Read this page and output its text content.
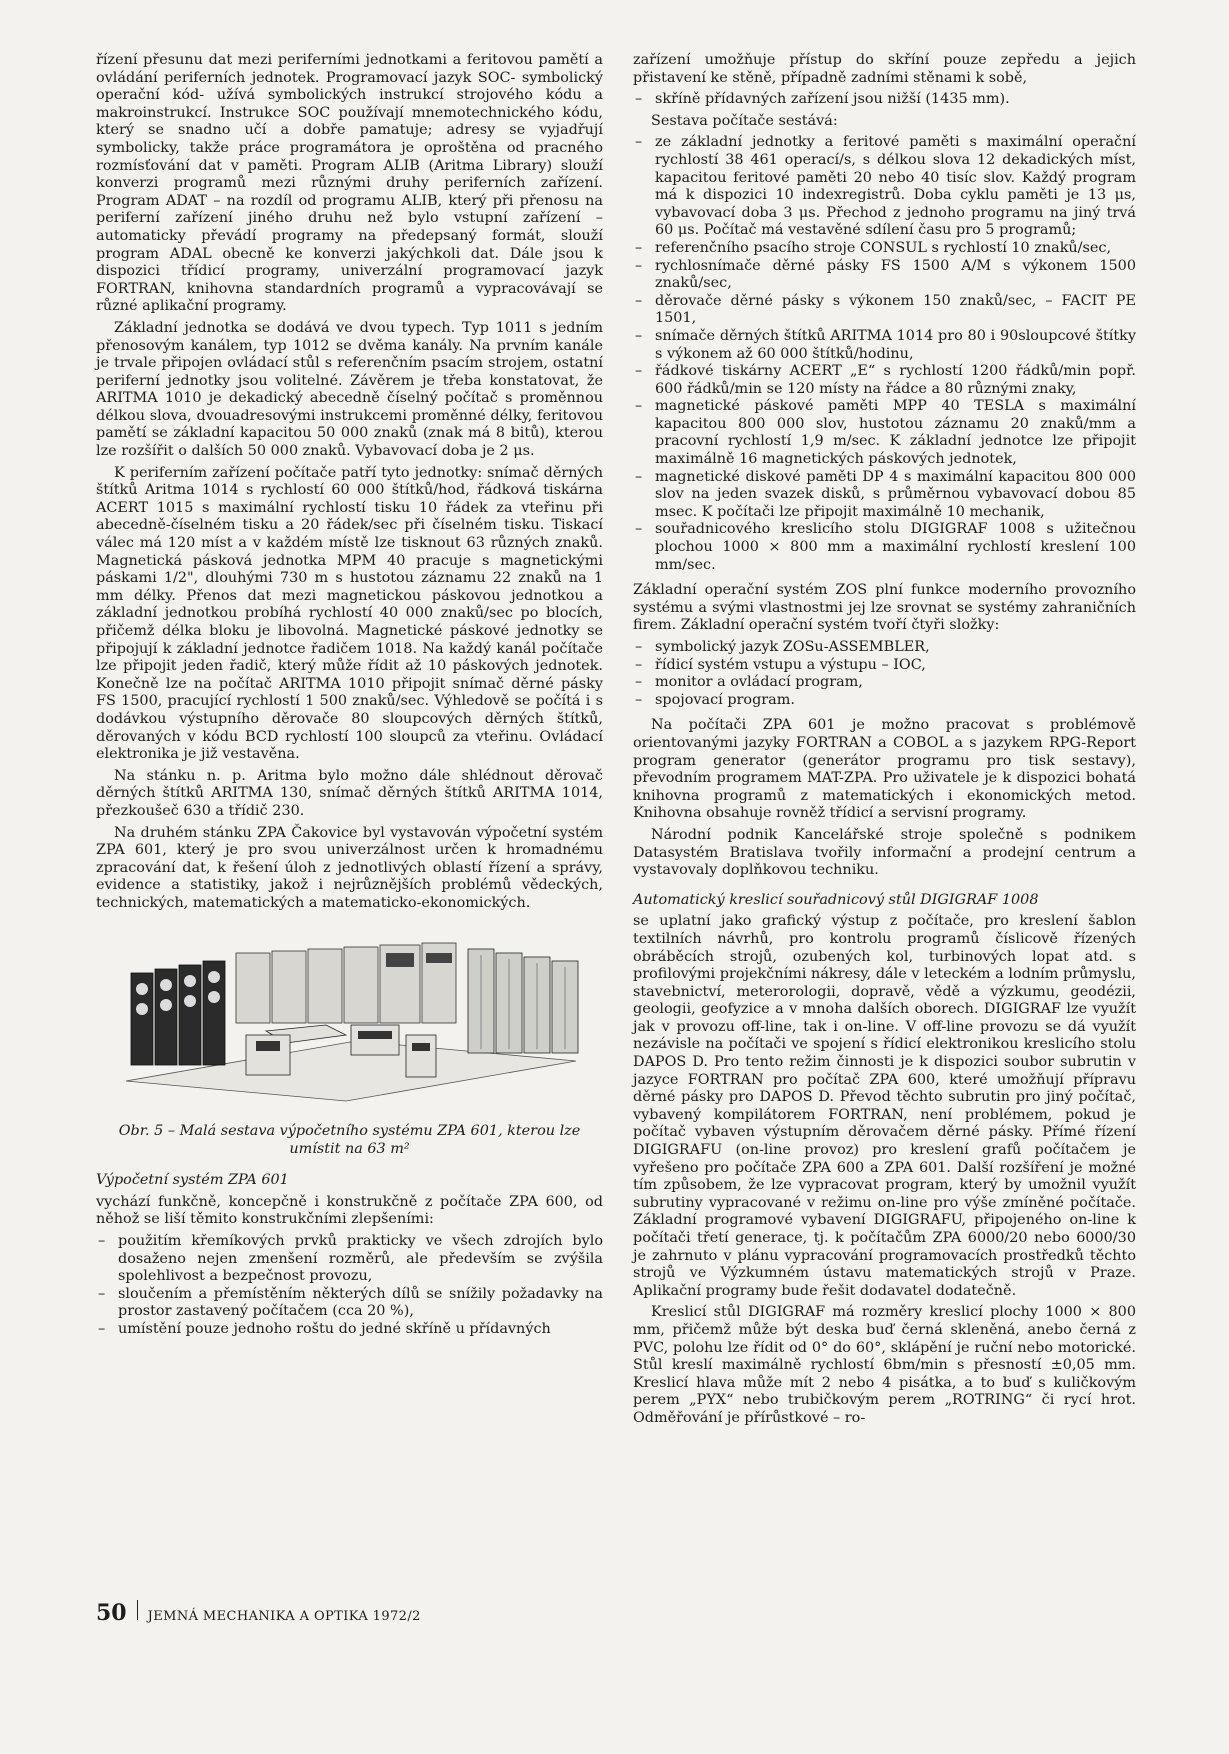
řízení přesunu dat mezi periferními jednotkami a feritovou pamětí a ovládání periferních jednotek. Programovací jazyk SOC- symbolický operační kód- užívá symbolických instrukcí strojového kódu a makroinstrukcí. Instrukce SOC používají mnemotechnického kódu, který se snadno učí a dobře pamatuje; adresy se vyjadřují symbolicky, takže práce programátora je oproštěna od pracného rozmísťování dat v paměti. Program ALIB (Aritma Library) slouží konverzi programů mezi různými druhy periferních zařízení. Program ADAT – na rozdíl od programu ALIB, který při přenosu na periferní zařízení jiného druhu než bylo vstupní zařízení – automaticky převádí programy na předepsaný formát, slouží program ADAL obecně ke konverzi jakýchkoli dat. Dále jsou k dispozici třídicí programy, univerzální programovací jazyk FORTRAN, knihovna standardních programů a vypracovávají se různé aplikační programy.

Základní jednotka se dodává ve dvou typech. Typ 1011 s jedním přenosovým kanálem, typ 1012 se dvěma kanály. Na prvním kanále je trvale připojen ovládací stůl s referenčním psacím strojem, ostatní periferní jednotky jsou volitelné. Závěrem je třeba konstatovat, že ARITMA 1010 je dekadický abecedně číselný počítač s proměnnou délkou slova, dvouadresovými instrukcemi proměnné délky, feritovou pamětí se základní kapacitou 50 000 znaků (znak má 8 bitů), kterou lze rozšířit o dalších 50 000 znaků. Vybavovací doba je 2 μs.

K periferním zařízení počítače patří tyto jednotky: snímač děrných štítků Aritma 1014 s rychlostí 60 000 štítků/hod, řádková tiskárna ACERT 1015 s maximální rychlostí tisku 10 řádek za vteřinu při abecedně-číselném tisku a 20 řádek/sec při číselném tisku. Tiskací válec má 120 míst a v každém místě lze tisknout 63 různých znaků. Magnetická pásková jednotka MPM 40 pracuje s magnetickými páskami 1/2", dlouhými 730 m s hustotou záznamu 22 znaků na 1 mm délky. Přenos dat mezi magnetickou páskovou jednotkou a základní jednotkou probíhá rychlostí 40 000 znaků/sec po blocích, přičemž délka bloku je libovolná. Magnetické páskové jednotky se připojují k základní jednotce řadičem 1018. Na každý kanál počítače lze připojit jeden řadič, který může řídit až 10 páskových jednotek. Konečně lze na počítač ARITMA 1010 připojit snímač děrné pásky FS 1500, pracující rychlostí 1 500 znaků/sec. Výhledově se počítá i s dodávkou výstupního děrovače 80 sloupcových děrných štítků, děrovaných v kódu BCD rychlostí 100 sloupců za vteřinu. Ovládací elektronika je již vestavěna.

Na stánku n. p. Aritma bylo možno dále shlédnout děrovač děrných štítků ARITMA 130, snímač děrných štítků ARITMA 1014, přezkoušeč 630 a třídič 230.

Na druhém stánku ZPA Čakovice byl vystavován výpočetní systém ZPA 601, který je pro svou univerzálnost určen k hromadnému zpracování dat, k řešení úloh z jednotlivých oblastí řízení a správy, evidence a statistiky, jakož i nejrůznějších problémů vědeckých, technických, matematických a matematicko-ekonomických.

Obr. 5 – Malá sestava výpočetního systému ZPA 601, kterou lze umístit na 63 m²
Výpočetní systém ZPA 601

vychází funkčně, koncepčně i konstrukčně z počítače ZPA 600, od něhož se liší těmito konstrukčními zlepšeními:

– použitím křemíkových prvků prakticky ve všech zdrojích bylo dosaženo nejen zmenšení rozměrů, ale především se zvýšila spolehlivost a bezpečnost provozu,
– sloučením a přemístěním některých dílů se snížily požadavky na prostor zastavený počítačem (cca 20 %),
– umístění pouze jednoho roštu do jedné skříně u přídavných

zařízení umožňuje přístup do skříní pouze zepředu a jejich přistavení ke stěně, případně zadními stěnami k sobě,

– skříně přídavných zařízení jsou nižší (1435 mm).

Sestava počítače sestává:

– ze základní jednotky a feritové paměti s maximální operační rychlostí 38 461 operací/s, s délkou slova 12 dekadických míst, kapacitou feritové paměti 20 nebo 40 tisíc slov. Každý program má k dispozici 10 indexregistrů. Doba cyklu paměti je 13 μs, vybavovací doba 3 μs. Přechod z jednoho programu na jiný trvá 60 μs. Počítač má vestavěné sdílení času pro 5 programů;
– referenčního psacího stroje CONSUL s rychlostí 10 znaků/sec,
– rychlosnímače děrné pásky FS 1500 A/M s výkonem 1500 znaků/sec,
– děrovače děrné pásky s výkonem 150 znaků/sec, – FACIT PE 1501,
– snímače děrných štítků ARITMA 1014 pro 80 i 90sloupcové štítky s výkonem až 60 000 štítků/hodinu,
– řádkové tiskárny ACERT „E“ s rychlostí 1200 řádků/min popř. 600 řádků/min se 120 místy na řádce a 80 různými znaky,
– magnetické páskové paměti MPP 40 TESLA s maximální kapacitou 800 000 slov, hustotou záznamu 20 znaků/mm a pracovní rychlostí 1,9 m/sec. K základní jednotce lze připojit maximálně 16 magnetických páskových jednotek,
– magnetické diskové paměti DP 4 s maximální kapacitou 800 000 slov na jeden svazek disků, s průměrnou vybavovací dobou 85 msec. K počítači lze připojit maximálně 10 mechanik,
– souřadnicového kreslicího stolu DIGIGRAF 1008 s užitečnou plochou 1000 × 800 mm a maximální rychlostí kreslení 100 mm/sec.

Základní operační systém ZOS plní funkce moderního provozního systému a svými vlastnostmi jej lze srovnat se systémy zahraničních firem. Základní operační systém tvoří čtyři složky:

– symbolický jazyk ZOSu-ASSEMBLER,
– řídicí systém vstupu a výstupu – IOC,
– monitor a ovládací program,
– spojovací program.

Na počítači ZPA 601 je možno pracovat s problémově orientovanými jazyky FORTRAN a COBOL a s jazykem RPG-Report program generator (generátor programu pro tisk sestavy), převodním programem MAT-ZPA. Pro uživatele je k dispozici bohatá knihovna programů z matematických i ekonomických metod. Knihovna obsahuje rovněž třídicí a servisní programy.

Národní podnik Kancelářské stroje společně s podnikem Datasystém Bratislava tvořily informační a prodejní centrum a vystavovaly doplňkovou techniku.

Automatický kreslicí souřadnicový stůl DIGIGRAF 1008

se uplatní jako grafický výstup z počítače, pro kreslení šablon textilních návrhů, pro kontrolu programů číslicově řízených obráběcích strojů, ozubených kol, turbinových lopat atd. s profilovými projekčními nákresy, dále v leteckém a lodním průmyslu, stavebnictví, meterorologii, dopravě, vědě a výzkumu, geodézii, geologii, geofyzice a v mnoha dalších oborech. DIGIGRAF lze využít jak v provozu off-line, tak i on-line. V off-line provozu se dá využít nezávisle na počítači ve spojení s řídicí elektronikou kreslicího stolu DAPOS D. Pro tento režim činnosti je k dispozici soubor subrutin v jazyce FORTRAN pro počítač ZPA 600, které umožňují přípravu děrné pásky pro DAPOS D. Převod těchto subrutin pro jiný počítač, vybavený kompilátorem FORTRAN, není problémem, pokud je počítač vybaven výstupním děrovačem děrné pásky. Přímé řízení DIGIGRAFU (on-line provoz) pro kreslení grafů počítačem je vyřešeno pro počítače ZPA 600 a ZPA 601. Další rozšíření je možné tím způsobem, že lze vypracovat program, který by umožnil využít subrutiny vypracované v režimu on-line pro výše zmíněné počítače. Základní programové vybavení DIGIGRAFU, připojeného on-line k počítači třetí generace, tj. k počítačům ZPA 6000/20 nebo 6000/30 je zahrnuto v plánu vypracování programovacích prostředků těchto strojů ve Výzkumném ústavu matematických strojů v Praze. Aplikační programy bude řešit dodavatel dodatečně.

Kreslicí stůl DIGIGRAF má rozměry kreslicí plochy 1000 × 800 mm, přičemž může být deska buď černá skleněná, anebo černá z PVC, polohu lze řídit od 0° do 60°, sklápění je ruční nebo motorické. Stůl kreslí maximálně rychlostí 6bm/min s přesností ±0,05 mm. Kreslicí hlava může mít 2 nebo 4 pisátka, a to buď s kuličkovým perem „PYX“ nebo trubičkovým perem „ROTRING“ či rycí hrot. Odměřování je přírůstkové – ro-

50 JEMNÁ MECHANIKA A OPTIKA 1972/2
